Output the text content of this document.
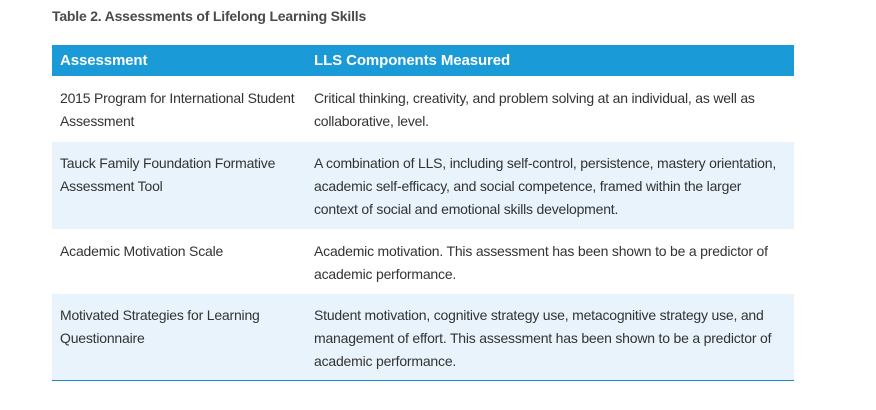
Table 2. Assessments of Lifelong Learning Skills
Assessment	LLS Components Measured
2015 Program for International Student Assessment	Critical thinking, creativity, and problem solving at an individual, as well as collaborative, level.
Tauck Family Foundation Formative Assessment Tool	A combination of LLS, including self-control, persistence, mastery orientation, academic self-efficacy, and social competence, framed within the larger context of social and emotional skills development.
Academic Motivation Scale	Academic motivation. This assessment has been shown to be a predictor of academic performance.
Motivated Strategies for Learning Questionnaire	Student motivation, cognitive strategy use, metacognitive strategy use, and management of effort. This assessment has been shown to be a predictor of academic performance.
